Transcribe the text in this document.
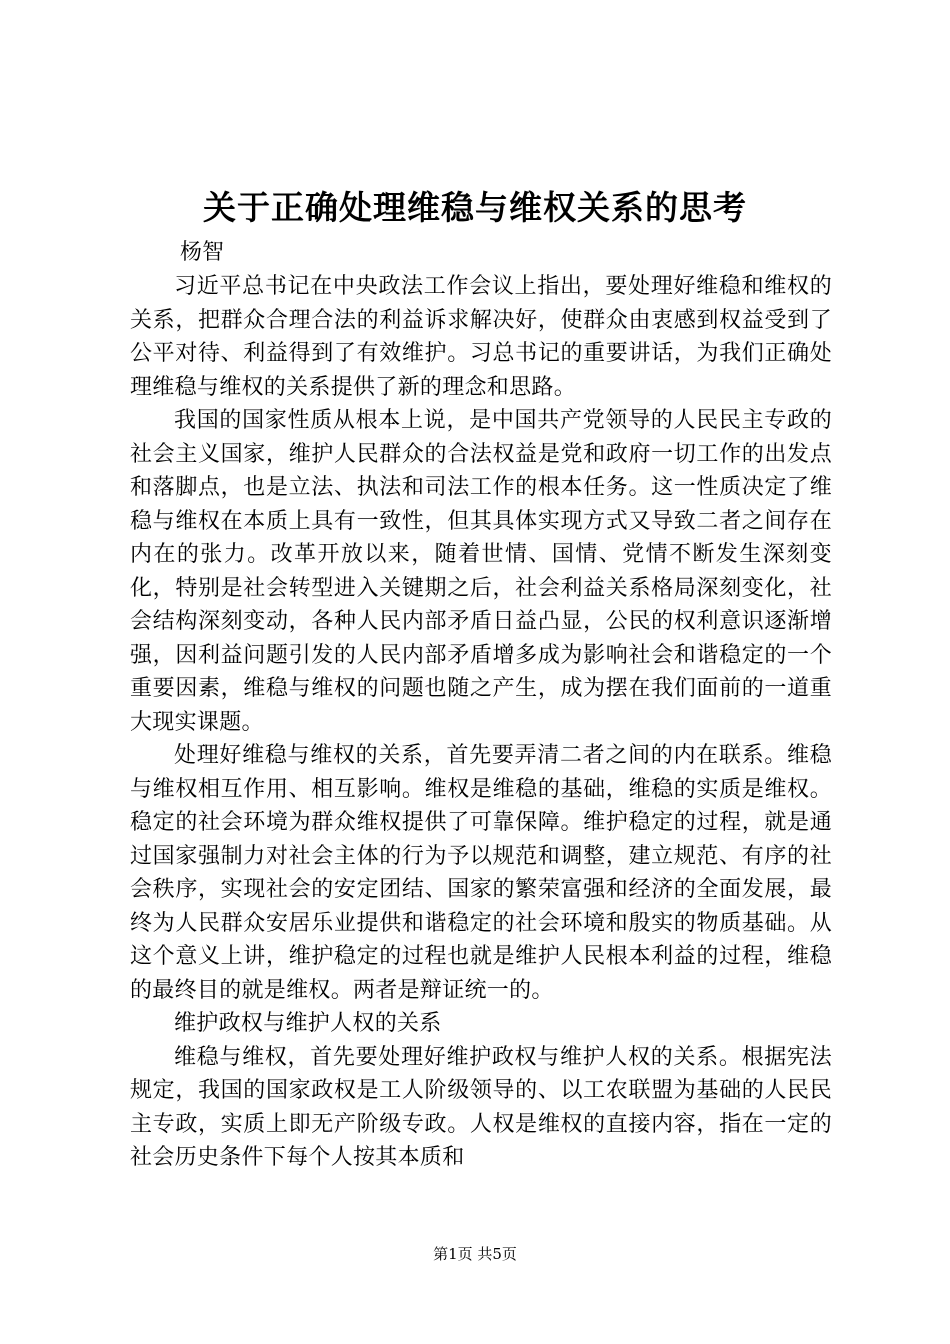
关于正确处理维稳与维权关系的思考

杨智

习近平总书记在中央政法工作会议上指出，要处理好维稳和维权的关系，把群众合理合法的利益诉求解决好，使群众由衷感到权益受到了公平对待、利益得到了有效维护。习总书记的重要讲话，为我们正确处理维稳与维权的关系提供了新的理念和思路。

我国的国家性质从根本上说，是中国共产党领导的人民民主专政的社会主义国家，维护人民群众的合法权益是党和政府一切工作的出发点和落脚点，也是立法、执法和司法工作的根本任务。这一性质决定了维稳与维权在本质上具有一致性，但其具体实现方式又导致二者之间存在内在的张力。改革开放以来，随着世情、国情、党情不断发生深刻变化，特别是社会转型进入关键期之后，社会利益关系格局深刻变化，社会结构深刻变动，各种人民内部矛盾日益凸显，公民的权利意识逐渐增强，因利益问题引发的人民内部矛盾增多成为影响社会和谐稳定的一个重要因素，维稳与维权的问题也随之产生，成为摆在我们面前的一道重大现实课题。

处理好维稳与维权的关系，首先要弄清二者之间的内在联系。维稳与维权相互作用、相互影响。维权是维稳的基础，维稳的实质是维权。稳定的社会环境为群众维权提供了可靠保障。维护稳定的过程，就是通过国家强制力对社会主体的行为予以规范和调整，建立规范、有序的社会秩序，实现社会的安定团结、国家的繁荣富强和经济的全面发展，最终为人民群众安居乐业提供和谐稳定的社会环境和殷实的物质基础。从这个意义上讲，维护稳定的过程也就是维护人民根本利益的过程，维稳的最终目的就是维权。两者是辩证统一的。

维护政权与维护人权的关系

维稳与维权，首先要处理好维护政权与维护人权的关系。根据宪法规定，我国的国家政权是工人阶级领导的、以工农联盟为基础的人民民主专政，实质上即无产阶级专政。人权是维权的直接内容，指在一定的社会历史条件下每个人按其本质和

第1页 共5页
